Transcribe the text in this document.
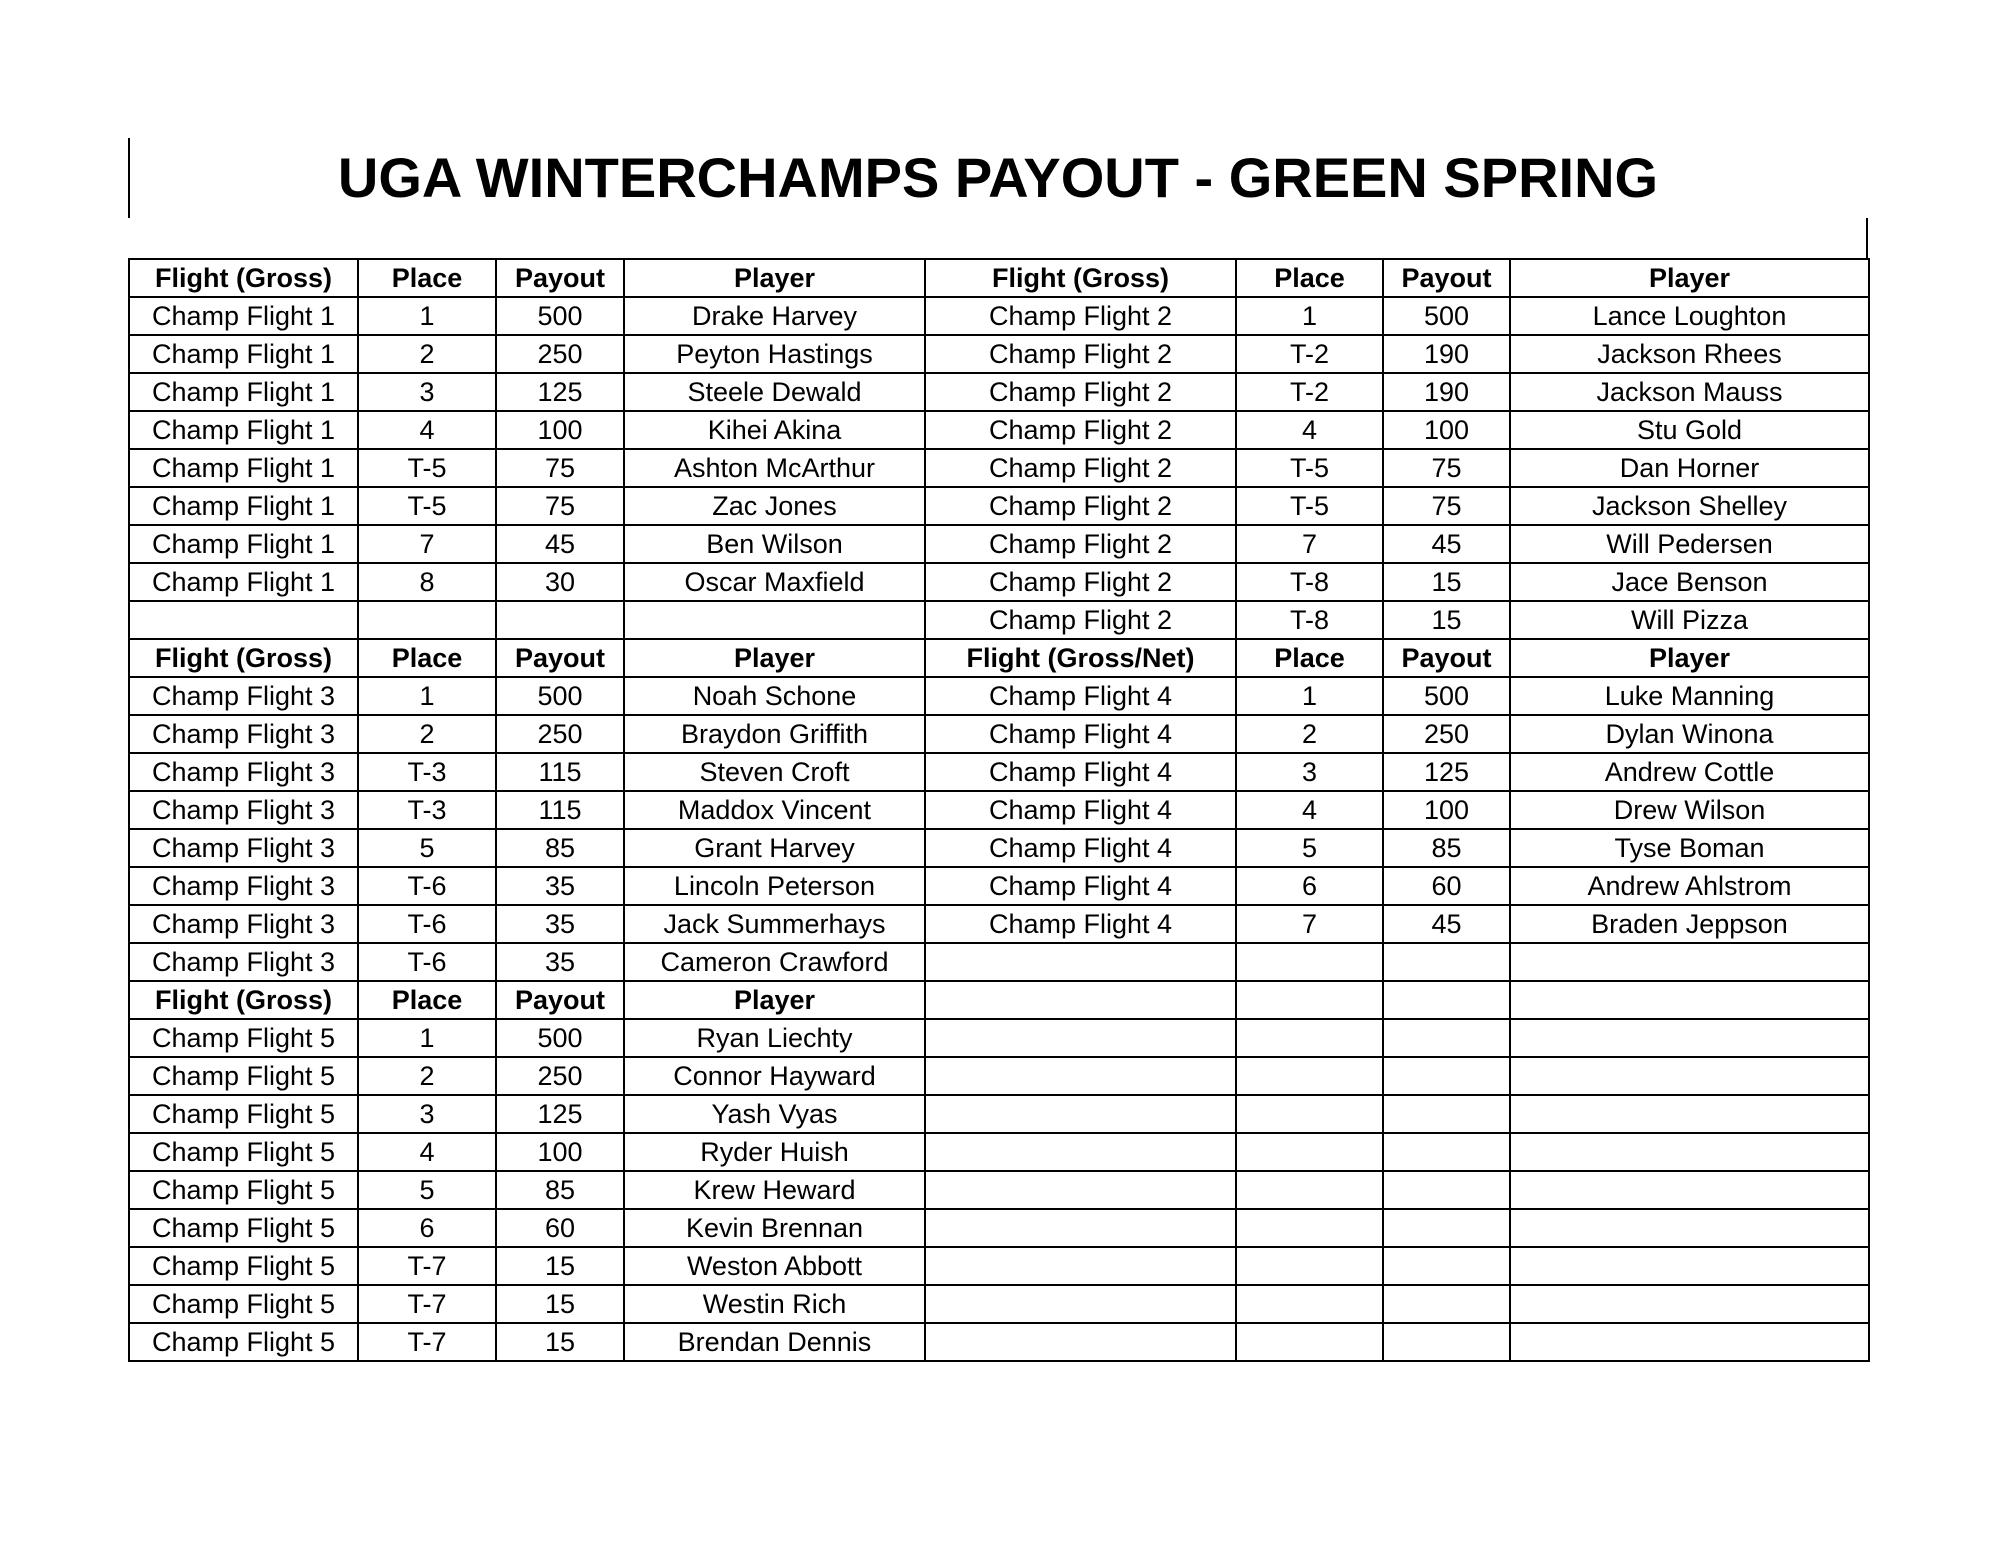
UGA WINTERCHAMPS PAYOUT - GREEN SPRING
Flight (Gross)	Place	Payout	Player	Flight (Gross)	Place	Payout	Player
Champ Flight 1	1	500	Drake Harvey	Champ Flight 2	1	500	Lance Loughton
Champ Flight 1	2	250	Peyton Hastings	Champ Flight 2	T-2	190	Jackson Rhees
Champ Flight 1	3	125	Steele Dewald	Champ Flight 2	T-2	190	Jackson Mauss
Champ Flight 1	4	100	Kihei Akina	Champ Flight 2	4	100	Stu Gold
Champ Flight 1	T-5	75	Ashton McArthur	Champ Flight 2	T-5	75	Dan Horner
Champ Flight 1	T-5	75	Zac Jones	Champ Flight 2	T-5	75	Jackson Shelley
Champ Flight 1	7	45	Ben Wilson	Champ Flight 2	7	45	Will Pedersen
Champ Flight 1	8	30	Oscar Maxfield	Champ Flight 2	T-8	15	Jace Benson
				Champ Flight 2	T-8	15	Will Pizza
Flight (Gross)	Place	Payout	Player	Flight (Gross/Net)	Place	Payout	Player
Champ Flight 3	1	500	Noah Schone	Champ Flight 4	1	500	Luke Manning
Champ Flight 3	2	250	Braydon Griffith	Champ Flight 4	2	250	Dylan Winona
Champ Flight 3	T-3	115	Steven Croft	Champ Flight 4	3	125	Andrew Cottle
Champ Flight 3	T-3	115	Maddox Vincent	Champ Flight 4	4	100	Drew Wilson
Champ Flight 3	5	85	Grant Harvey	Champ Flight 4	5	85	Tyse Boman
Champ Flight 3	T-6	35	Lincoln Peterson	Champ Flight 4	6	60	Andrew Ahlstrom
Champ Flight 3	T-6	35	Jack Summerhays	Champ Flight 4	7	45	Braden Jeppson
Champ Flight 3	T-6	35	Cameron Crawford				
Flight (Gross)	Place	Payout	Player				
Champ Flight 5	1	500	Ryan Liechty				
Champ Flight 5	2	250	Connor Hayward				
Champ Flight 5	3	125	Yash Vyas				
Champ Flight 5	4	100	Ryder Huish				
Champ Flight 5	5	85	Krew Heward				
Champ Flight 5	6	60	Kevin Brennan				
Champ Flight 5	T-7	15	Weston Abbott				
Champ Flight 5	T-7	15	Westin Rich				
Champ Flight 5	T-7	15	Brendan Dennis				
